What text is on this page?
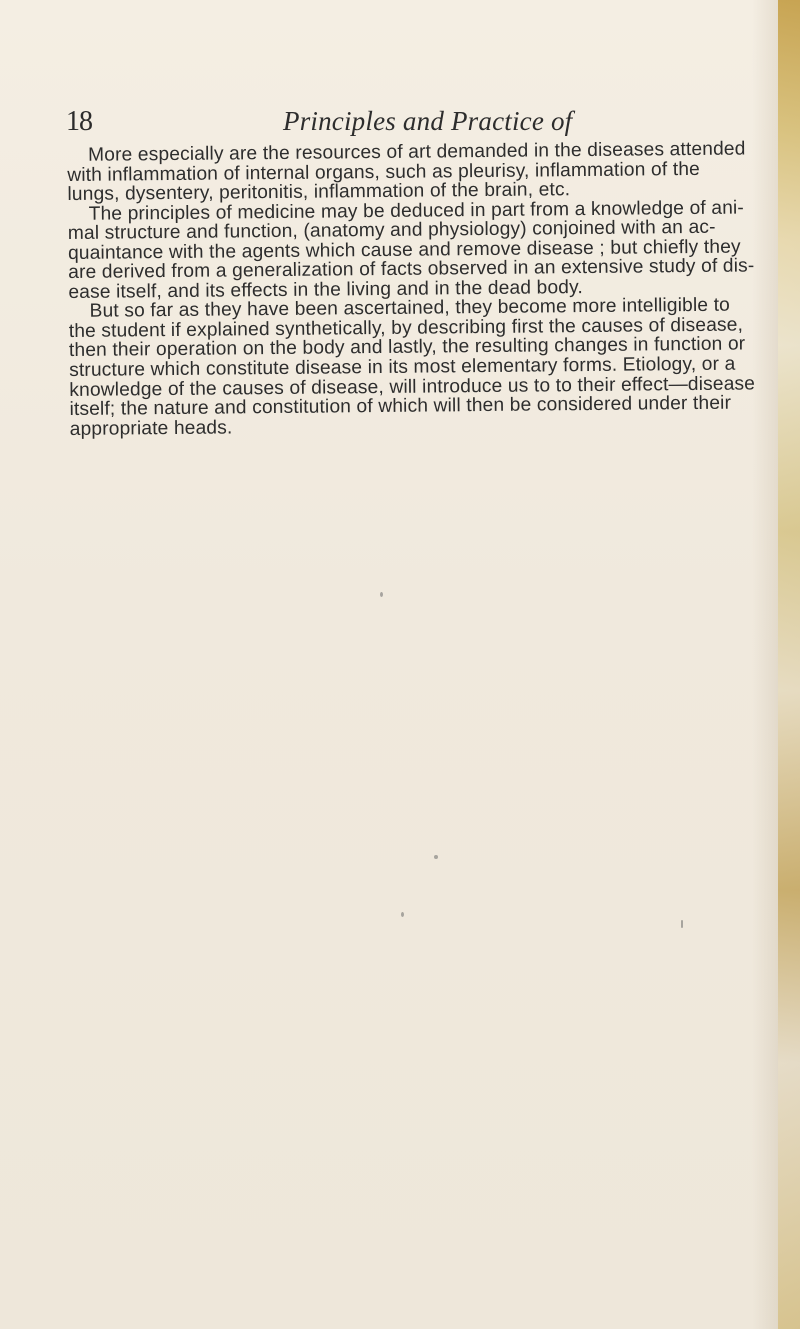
18	Principles and Practice of
More especially are the resources of art demanded in the diseases attended
with inflammation of internal organs, such as pleurisy, inflammation of the
lungs, dysentery, peritonitis, inflammation of the brain, etc.
The principles of medicine may be deduced in part from a knowledge of ani-
mal structure and function, (anatomy and physiology) conjoined with an ac-
quaintance with the agents which cause and remove disease ; but chiefly they
are derived from a generalization of facts observed in an extensive study of dis-
ease itself, and its effects in the living and in the dead body.
But so far as they have been ascertained, they become more intelligible to
the student if explained synthetically, by describing first the causes of disease,
then their operation on the body and lastly, the resulting changes in function or
structure which constitute disease in its most elementary forms. Etiology, or a
knowledge of the causes of disease, will introduce us to to their effect—disease
itself; the nature and constitution of which will then be considered under their
appropriate heads.
